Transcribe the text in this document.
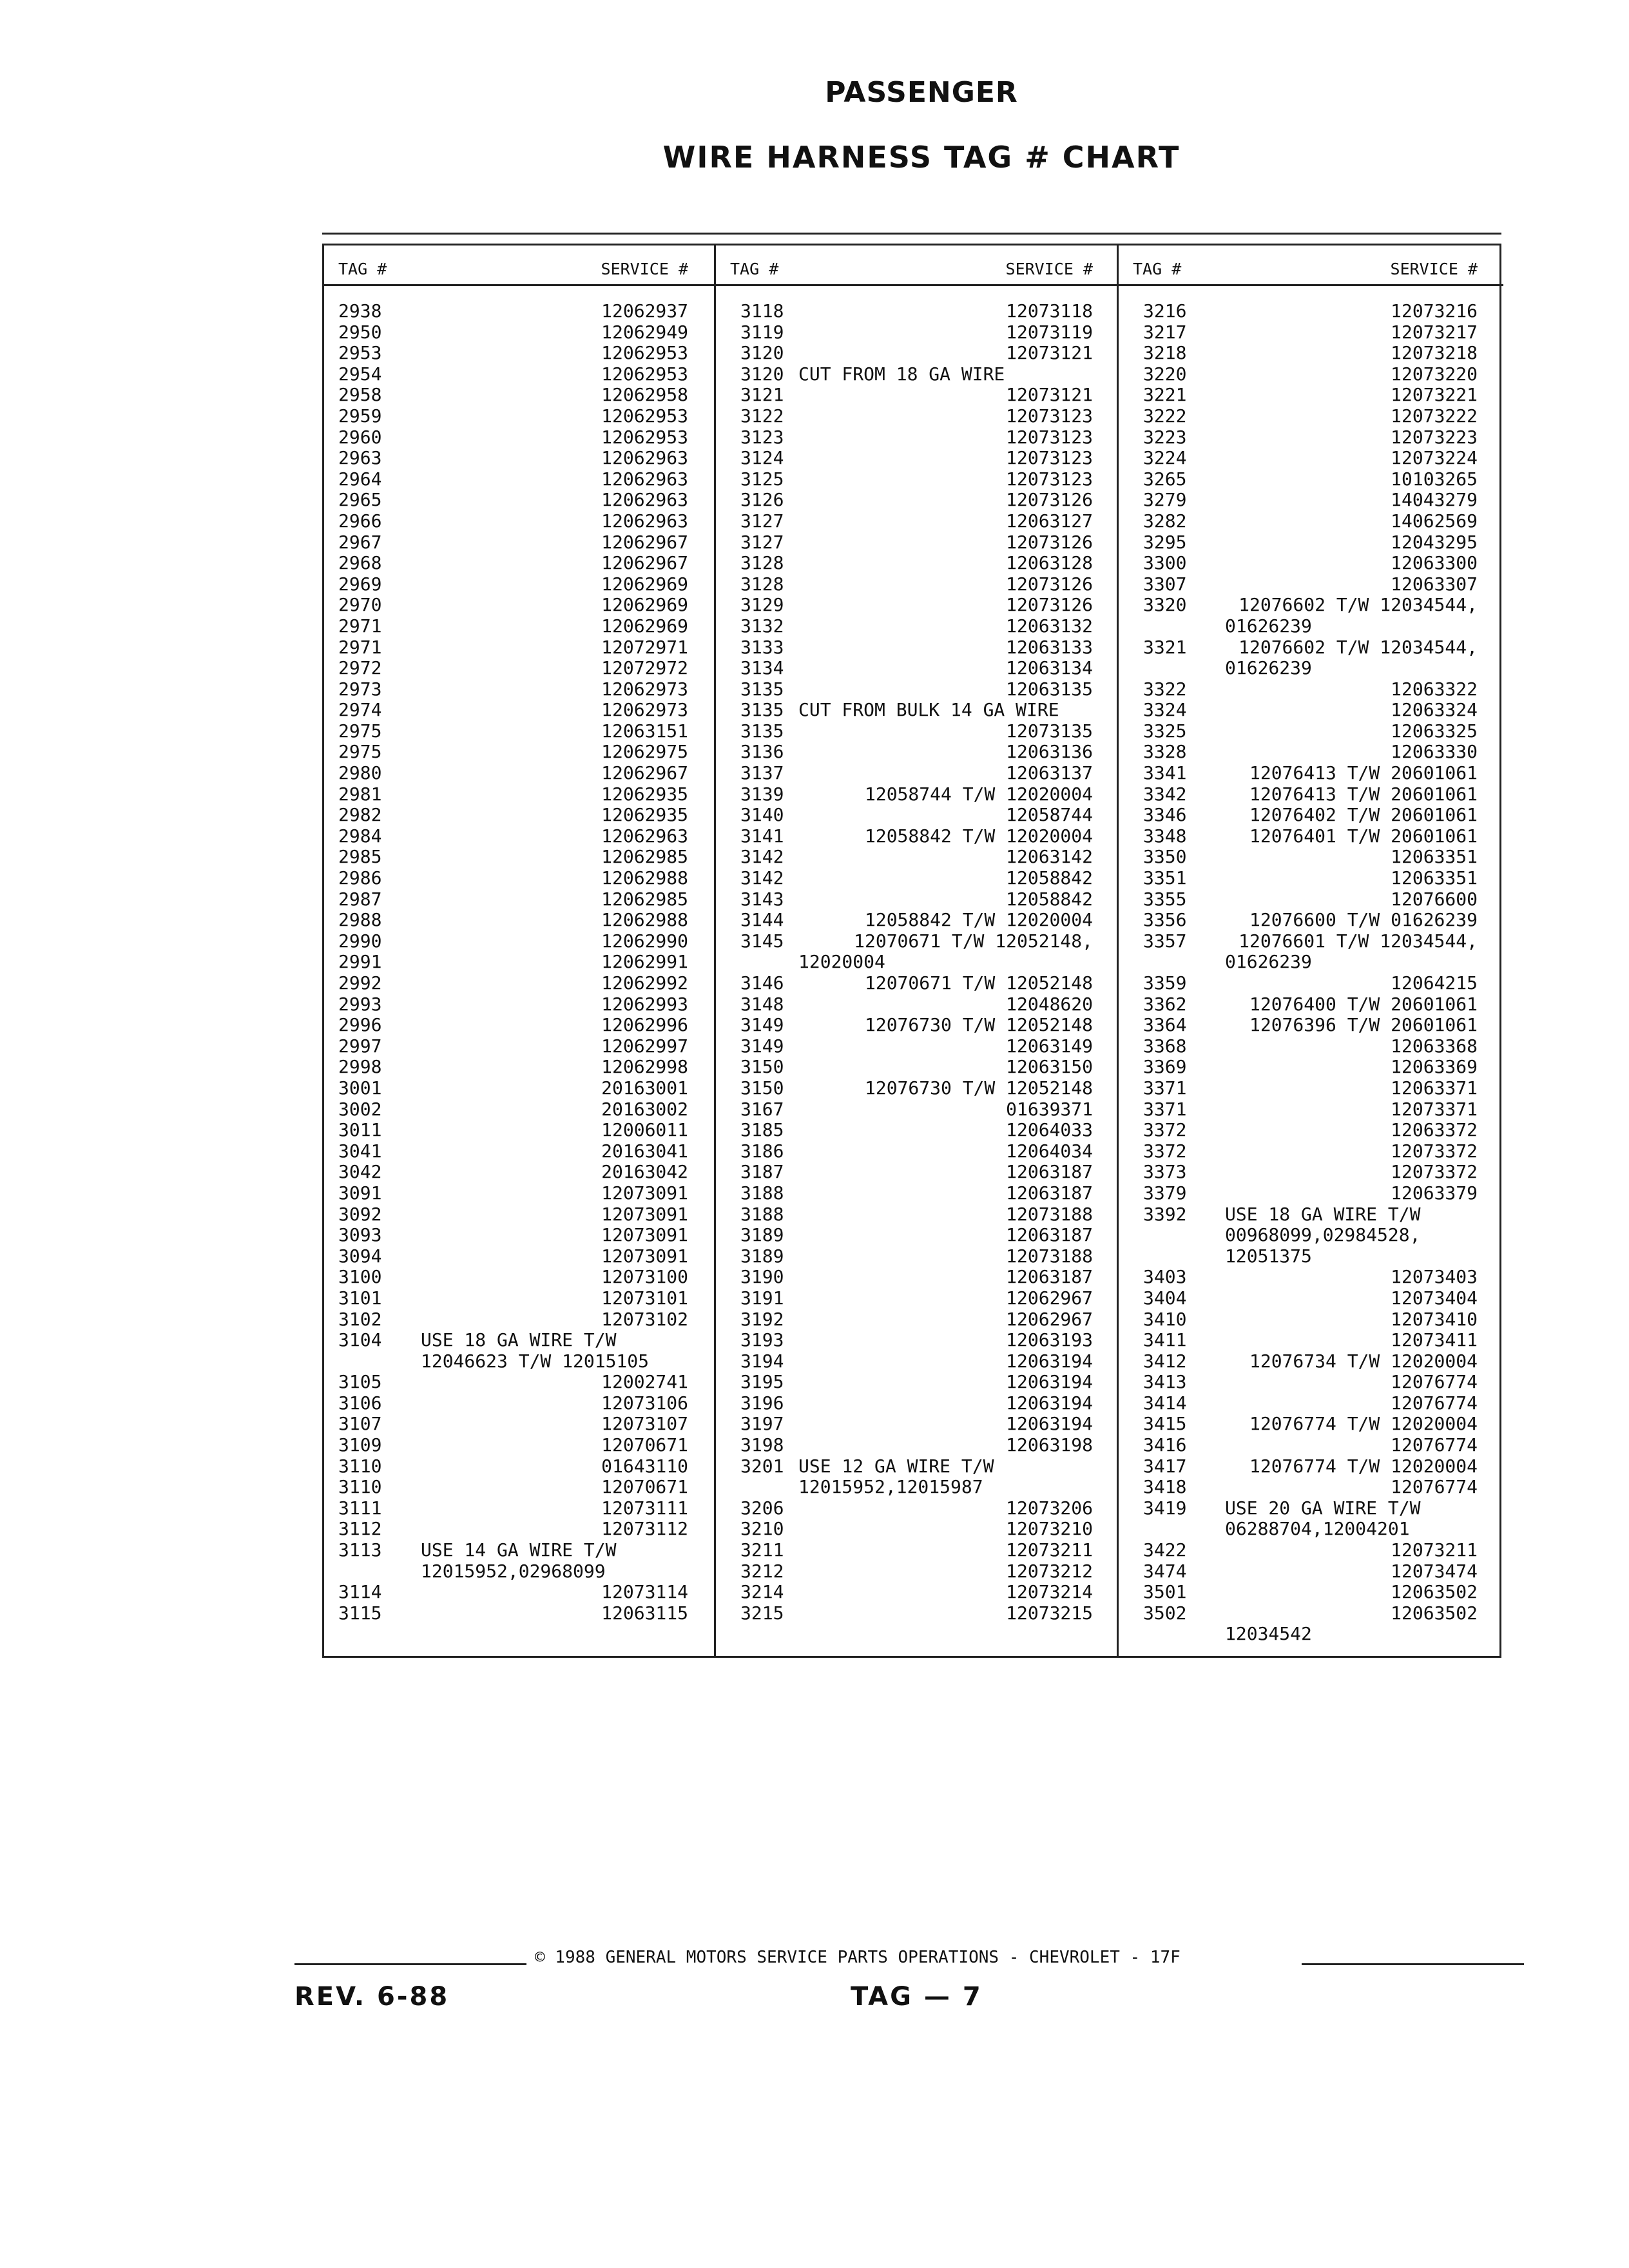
PASSENGER
WIRE HARNESS TAG # CHART
TAG #	SERVICE #
2938	12062937
2950	12062949
2953	12062953
2954	12062953
2958	12062958
2959	12062953
2960	12062953
2963	12062963
2964	12062963
2965	12062963
2966	12062963
2967	12062967
2968	12062967
2969	12062969
2970	12062969
2971	12062969
2971	12072971
2972	12072972
2973	12062973
2974	12062973
2975	12063151
2975	12062975
2980	12062967
2981	12062935
2982	12062935
2984	12062963
2985	12062985
2986	12062988
2987	12062985
2988	12062988
2990	12062990
2991	12062991
2992	12062992
2993	12062993
2996	12062996
2997	12062997
2998	12062998
3001	20163001
3002	20163002
3011	12006011
3041	20163041
3042	20163042
3091	12073091
3092	12073091
3093	12073091
3094	12073091
3100	12073100
3101	12073101
3102	12073102
3104 USE 18 GA WIRE T/W
12046623 T/W 12015105
3105	12002741
3106	12073106
3107	12073107
3109	12070671
3110	01643110
3110	12070671
3111	12073111
3112	12073112
3113 USE 14 GA WIRE T/W
12015952,02968099
3114	12073114
3115	12063115
TAG #	SERVICE #
3118	12073118
3119	12073119
3120	12073121
3120 CUT FROM 18 GA WIRE
3121	12073121
3122	12073123
3123	12073123
3124	12073123
3125	12073123
3126	12073126
3127	12063127
3127	12073126
3128	12063128
3128	12073126
3129	12073126
3132	12063132
3133	12063133
3134	12063134
3135	12063135
3135 CUT FROM BULK 14 GA WIRE
3135	12073135
3136	12063136
3137	12063137
3139	12058744 T/W 12020004
3140	12058744
3141	12058842 T/W 12020004
3142	12063142
3142	12058842
3143	12058842
3144	12058842 T/W 12020004
3145	12070671 T/W 12052148,
12020004
3146	12070671 T/W 12052148
3148	12048620
3149	12076730 T/W 12052148
3149	12063149
3150	12063150
3150	12076730 T/W 12052148
3167	01639371
3185	12064033
3186	12064034
3187	12063187
3188	12063187
3188	12073188
3189	12063187
3189	12073188
3190	12063187
3191	12062967
3192	12062967
3193	12063193
3194	12063194
3195	12063194
3196	12063194
3197	12063194
3198	12063198
3201 USE 12 GA WIRE T/W
12015952,12015987
3206	12073206
3210	12073210
3211	12073211
3212	12073212
3214	12073214
3215	12073215
TAG #	SERVICE #
3216	12073216
3217	12073217
3218	12073218
3220	12073220
3221	12073221
3222	12073222
3223	12073223
3224	12073224
3265	10103265
3279	14043279
3282	14062569
3295	12043295
3300	12063300
3307	12063307
3320	12076602 T/W 12034544,
01626239
3321	12076602 T/W 12034544,
01626239
3322	12063322
3324	12063324
3325	12063325
3328	12063330
3341	12076413 T/W 20601061
3342	12076413 T/W 20601061
3346	12076402 T/W 20601061
3348	12076401 T/W 20601061
3350	12063351
3351	12063351
3355	12076600
3356	12076600 T/W 01626239
3357	12076601 T/W 12034544,
01626239
3359	12064215
3362	12076400 T/W 20601061
3364	12076396 T/W 20601061
3368	12063368
3369	12063369
3371	12063371
3371	12073371
3372	12063372
3372	12073372
3373	12073372
3379	12063379
3392 USE 18 GA WIRE T/W
00968099,02984528,
12051375
3403	12073403
3404	12073404
3410	12073410
3411	12073411
3412	12076734 T/W 12020004
3413	12076774
3414	12076774
3415	12076774 T/W 12020004
3416	12076774
3417	12076774 T/W 12020004
3418	12076774
3419 USE 20 GA WIRE T/W
06288704,12004201
3422	12073211
3474	12073474
3501	12063502
3502	12063502
12034542
© 1988 GENERAL MOTORS SERVICE PARTS OPERATIONS - CHEVROLET - 17F
REV. 6-88	TAG — 7
